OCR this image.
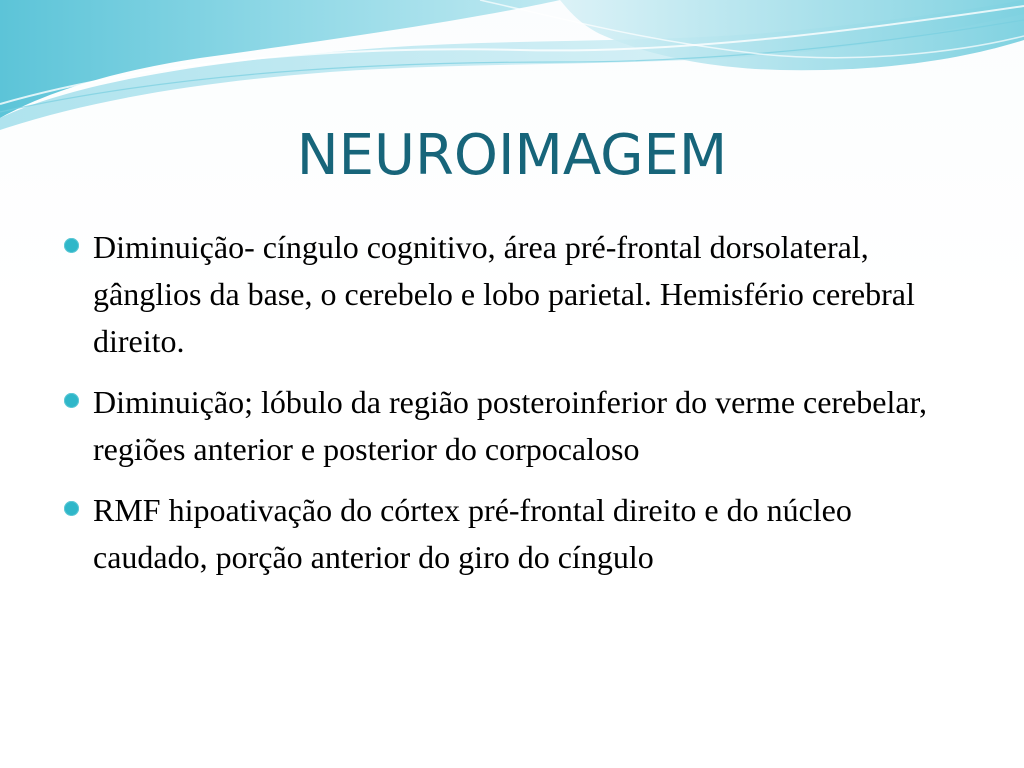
NEUROIMAGEM
Diminuição- cíngulo cognitivo, área pré-frontal dorsolateral, gânglios da base, o cerebelo e lobo parietal. Hemisfério cerebral direito.
Diminuição; lóbulo da região posteroinferior do verme cerebelar, regiões anterior e posterior do corpocaloso
RMF hipoativação do córtex pré-frontal direito e do núcleo caudado, porção anterior do giro do cíngulo
